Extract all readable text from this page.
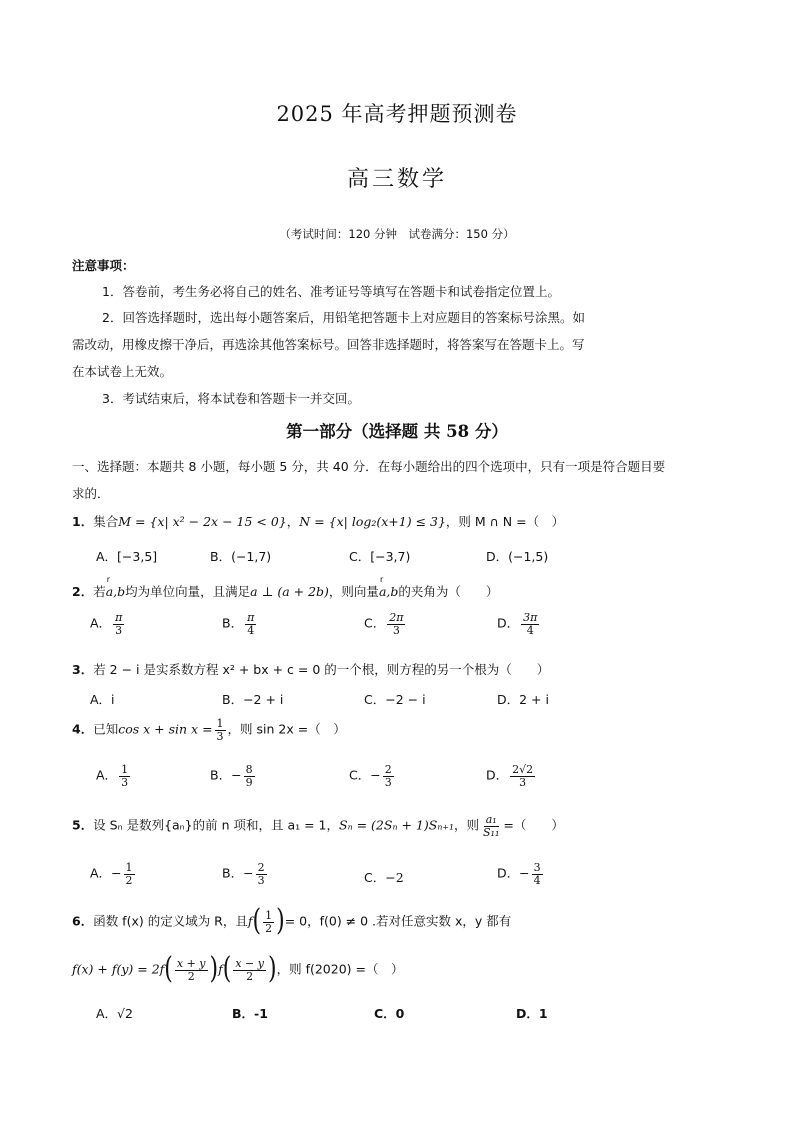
2025 年高考押题预测卷
高三数学
（考试时间：120 分钟　试卷满分：150 分）
注意事项：
1．答卷前，考生务必将自己的姓名、准考证号等填写在答题卡和试卷指定位置上。
2．回答选择题时，选出每小题答案后，用铅笔把答题卡上对应题目的答案标号涂黑。如
需改动，用橡皮擦干净后，再选涂其他答案标号。回答非选择题时，将答案写在答题卡上。写
在本试卷上无效。
3．考试结束后，将本试卷和答题卡一并交回。
第一部分（选择题 共 58 分）
一、选择题：本题共 8 小题，每小题 5 分，共 40 分．在每小题给出的四个选项中，只有一项是符合题目要
求的．
1．集合M = {x| x² − 2x − 15 < 0}，N = {x| log₂(x+1) ≤ 3}，则 M ∩ N =（　）
A．[−3,5]	B．(−1,7)	C．[−3,7)	D．(−1,5)
2．若r a,b均为单位向量，且满足a ⊥ (a + 2b)，则向量r a,b的夹角为（　　）
A． $\frac{\pi}{3}$	B． $\frac{\pi}{4}$	C． $\frac{2\pi}{3}$	D． $\frac{3\pi}{4}$
3．若 2 − i 是实系数方程 x² + bx + c = 0 的一个根，则方程的另一个根为（　　）
A．i	B．−2 + i	C．−2 − i	D．2 + i
4．已知$\cos x + \sin x = \frac{1}{3}$ ，则 sin 2x =（　）
A． $\frac{1}{3}$	B．− $\frac{8}{9}$	C．− $\frac{2}{3}$	D． $\frac{2√2}{3}$
5．设 Sₙ 是数列{aₙ}的前 n 项和，且 a₁ = 1，Sₙ = (2Sₙ + 1)Sₙ₊₁，则 $\frac{\text{a₁}}{\text{S₁₁}}$ =（　　）
A．− $\frac{1}{2}$	B．− $\frac{2}{3}$	C．−2	D．− $\frac{3}{4}$
6．函数 f(x) 的定义域为 R，且$f( \frac{1}{2}$ )= 0，f(0) ≠ 0 .若对任意实数 x，y 都有
$f(x) + f(y) = 2f( \frac{x + y}{2} )f( \frac{x - y}{2}$ )，则 f(2020) =（　）
A．√2	B．-1	C．0	D．1
